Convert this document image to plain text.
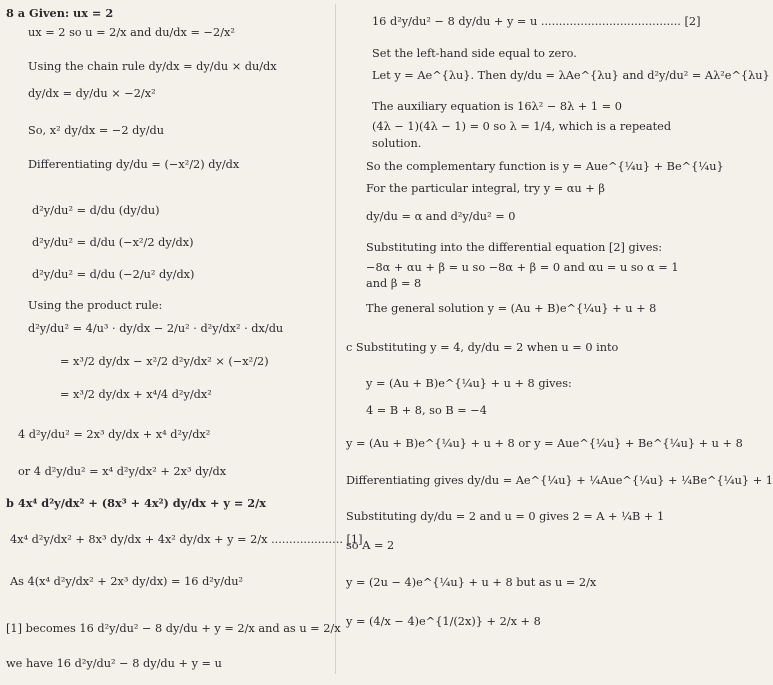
8 a Given: ux = 2
ux = 2 so u = 2/x and du/dx = −2/x²
Using the chain rule dy/dx = dy/du × du/dx
dy/dx = dy/du × −2/x²
So, x² dy/dx = −2 dy/du
Differentiating dy/du = (−x²/2) dy/dx
d²y/du² = d/du (dy/du)
d²y/du² = d/du (−x²/2 dy/dx)
d²y/du² = d/du (−2/u² dy/dx)
Using the product rule:
d²y/du² = 4/u³ · dy/dx − 2/u² · d²y/dx² · dx/du
= x³/2 dy/dx − x²/2 d²y/dx² × (−x²/2)
= x³/2 dy/dx + x⁴/4 d²y/dx²
4 d²y/du² = 2x³ dy/dx + x⁴ d²y/dx²
or 4 d²y/du² = x⁴ d²y/dx² + 2x³ dy/dx
b 4x⁴ d²y/dx² + (8x³ + 4x²) dy/dx + y = 2/x
4x⁴ d²y/dx² + 8x³ dy/dx + 4x² dy/dx + y = 2/x .................... [1]
As 4(x⁴ d²y/dx² + 2x³ dy/dx) = 16 d²y/du²
[1] becomes 16 d²y/du² − 8 dy/du + y = 2/x and as u = 2/x
we have 16 d²y/du² − 8 dy/du + y = u
16 d²y/du² − 8 dy/du + y = u ....................................... [2]
Set the left-hand side equal to zero.
Let y = Ae^{λu}. Then dy/du = λAe^{λu} and d²y/du² = Aλ²e^{λu}
The auxiliary equation is 16λ² − 8λ + 1 = 0
(4λ − 1)(4λ − 1) = 0 so λ = 1/4, which is a repeated
solution.
So the complementary function is y = Aue^{¼u} + Be^{¼u}
For the particular integral, try y = αu + β
dy/du = α and d²y/du² = 0
Substituting into the differential equation [2] gives:
−8α + αu + β = u so −8α + β = 0 and αu = u so α = 1
and β = 8
The general solution y = (Au + B)e^{¼u} + u + 8
c Substituting y = 4, dy/du = 2 when u = 0 into
y = (Au + B)e^{¼u} + u + 8 gives:
4 = B + 8, so B = −4
y = (Au + B)e^{¼u} + u + 8 or y = Aue^{¼u} + Be^{¼u} + u + 8
Differentiating gives dy/du = Ae^{¼u} + ¼Aue^{¼u} + ¼Be^{¼u} + 1
Substituting dy/du = 2 and u = 0 gives 2 = A + ¼B + 1
so A = 2
y = (2u − 4)e^{¼u} + u + 8 but as u = 2/x
y = (4/x − 4)e^{1/(2x)} + 2/x + 8
